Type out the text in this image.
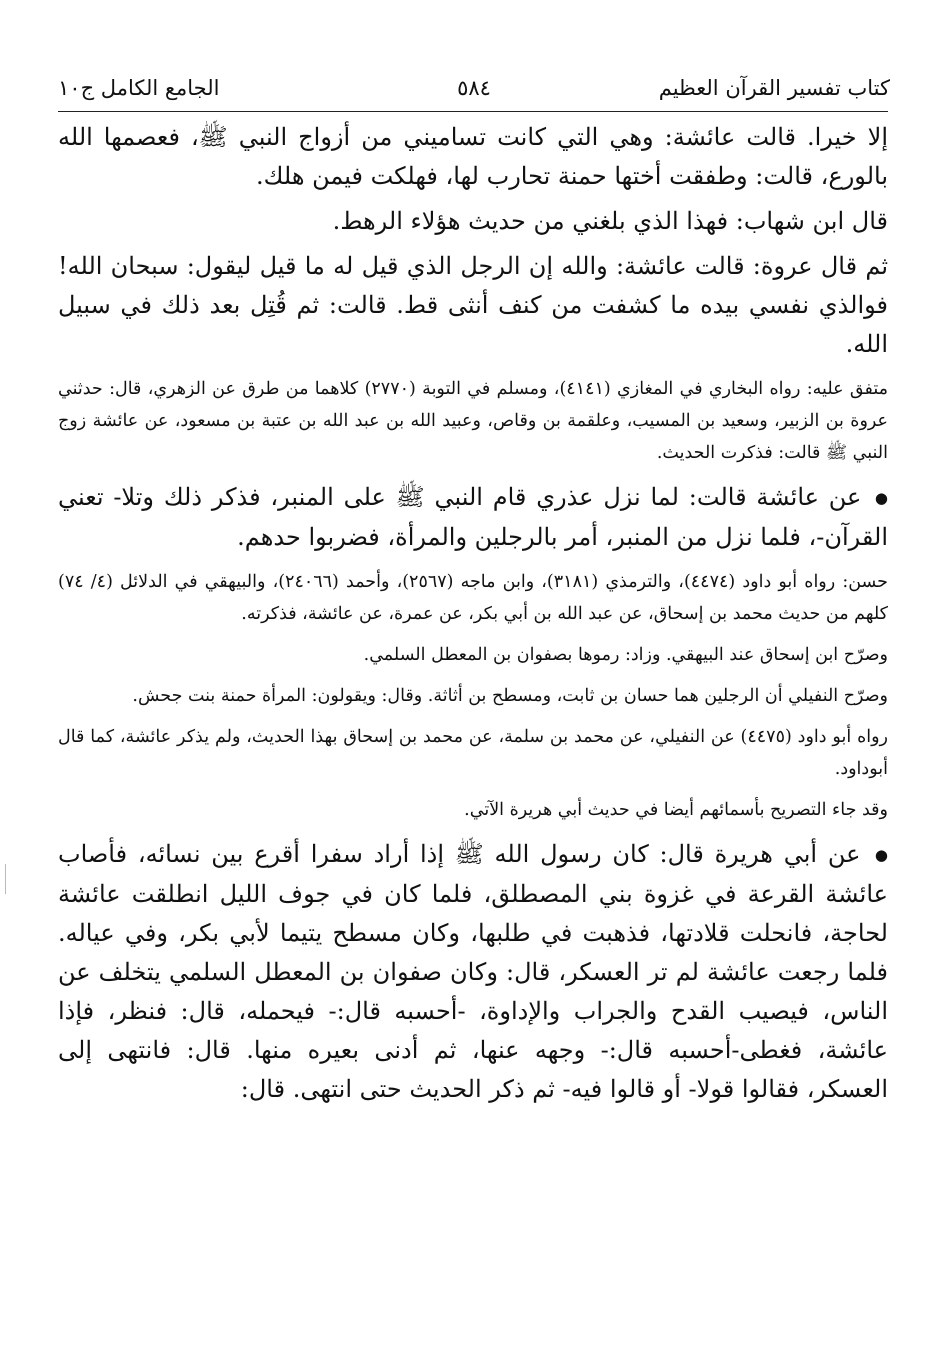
كتاب تفسير القرآن العظيم
٥٨٤
الجامع الكامل ج١٠

إلا خيرا. قالت عائشة: وهي التي كانت تساميني من أزواج النبي ﷺ، فعصمها الله بالورع، قالت: وطفقت أختها حمنة تحارب لها، فهلكت فيمن هلك.

قال ابن شهاب: فهذا الذي بلغني من حديث هؤلاء الرهط.

ثم قال عروة: قالت عائشة: والله إن الرجل الذي قيل له ما قيل ليقول: سبحان الله! فوالذي نفسي بيده ما كشفت من كنف أنثى قط. قالت: ثم قُتِل بعد ذلك في سبيل الله.

متفق عليه: رواه البخاري في المغازي (٤١٤١)، ومسلم في التوبة (٢٧٧٠) كلاهما من طرق عن الزهري، قال: حدثني عروة بن الزبير، وسعيد بن المسيب، وعلقمة بن وقاص، وعبيد الله بن عبد الله بن عتبة بن مسعود، عن عائشة زوج النبي ﷺ قالت: فذكرت الحديث.

● عن عائشة قالت: لما نزل عذري قام النبي ﷺ على المنبر، فذكر ذلك وتلا- تعني القرآن-، فلما نزل من المنبر، أمر بالرجلين والمرأة، فضربوا حدهم.

حسن: رواه أبو داود (٤٤٧٤)، والترمذي (٣١٨١)، وابن ماجه (٢٥٦٧)، وأحمد (٢٤٠٦٦)، والبيهقي في الدلائل (٤/ ٧٤) كلهم من حديث محمد بن إسحاق، عن عبد الله بن أبي بكر، عن عمرة، عن عائشة، فذكرته.

وصرّح ابن إسحاق عند البيهقي. وزاد: رموها بصفوان بن المعطل السلمي.

وصرّح النفيلي أن الرجلين هما حسان بن ثابت، ومسطح بن أثاثة. وقال: ويقولون: المرأة حمنة بنت جحش.

رواه أبو داود (٤٤٧٥) عن النفيلي، عن محمد بن سلمة، عن محمد بن إسحاق بهذا الحديث، ولم يذكر عائشة، كما قال أبوداود.

وقد جاء التصريح بأسمائهم أيضا في حديث أبي هريرة الآتي.

● عن أبي هريرة قال: كان رسول الله ﷺ إذا أراد سفرا أقرع بين نسائه، فأصاب عائشة القرعة في غزوة بني المصطلق، فلما كان في جوف الليل انطلقت عائشة لحاجة، فانحلت قلادتها، فذهبت في طلبها، وكان مسطح يتيما لأبي بكر، وفي عياله. فلما رجعت عائشة لم تر العسكر، قال: وكان صفوان بن المعطل السلمي يتخلف عن الناس، فيصيب القدح والجراب والإداوة، -أحسبه قال:- فيحمله، قال: فنظر، فإذا عائشة، فغطى-أحسبه قال:- وجهه عنها، ثم أدنى بعيره منها. قال: فانتهى إلى العسكر، فقالوا قولا- أو قالوا فيه- ثم ذكر الحديث حتى انتهى. قال:
